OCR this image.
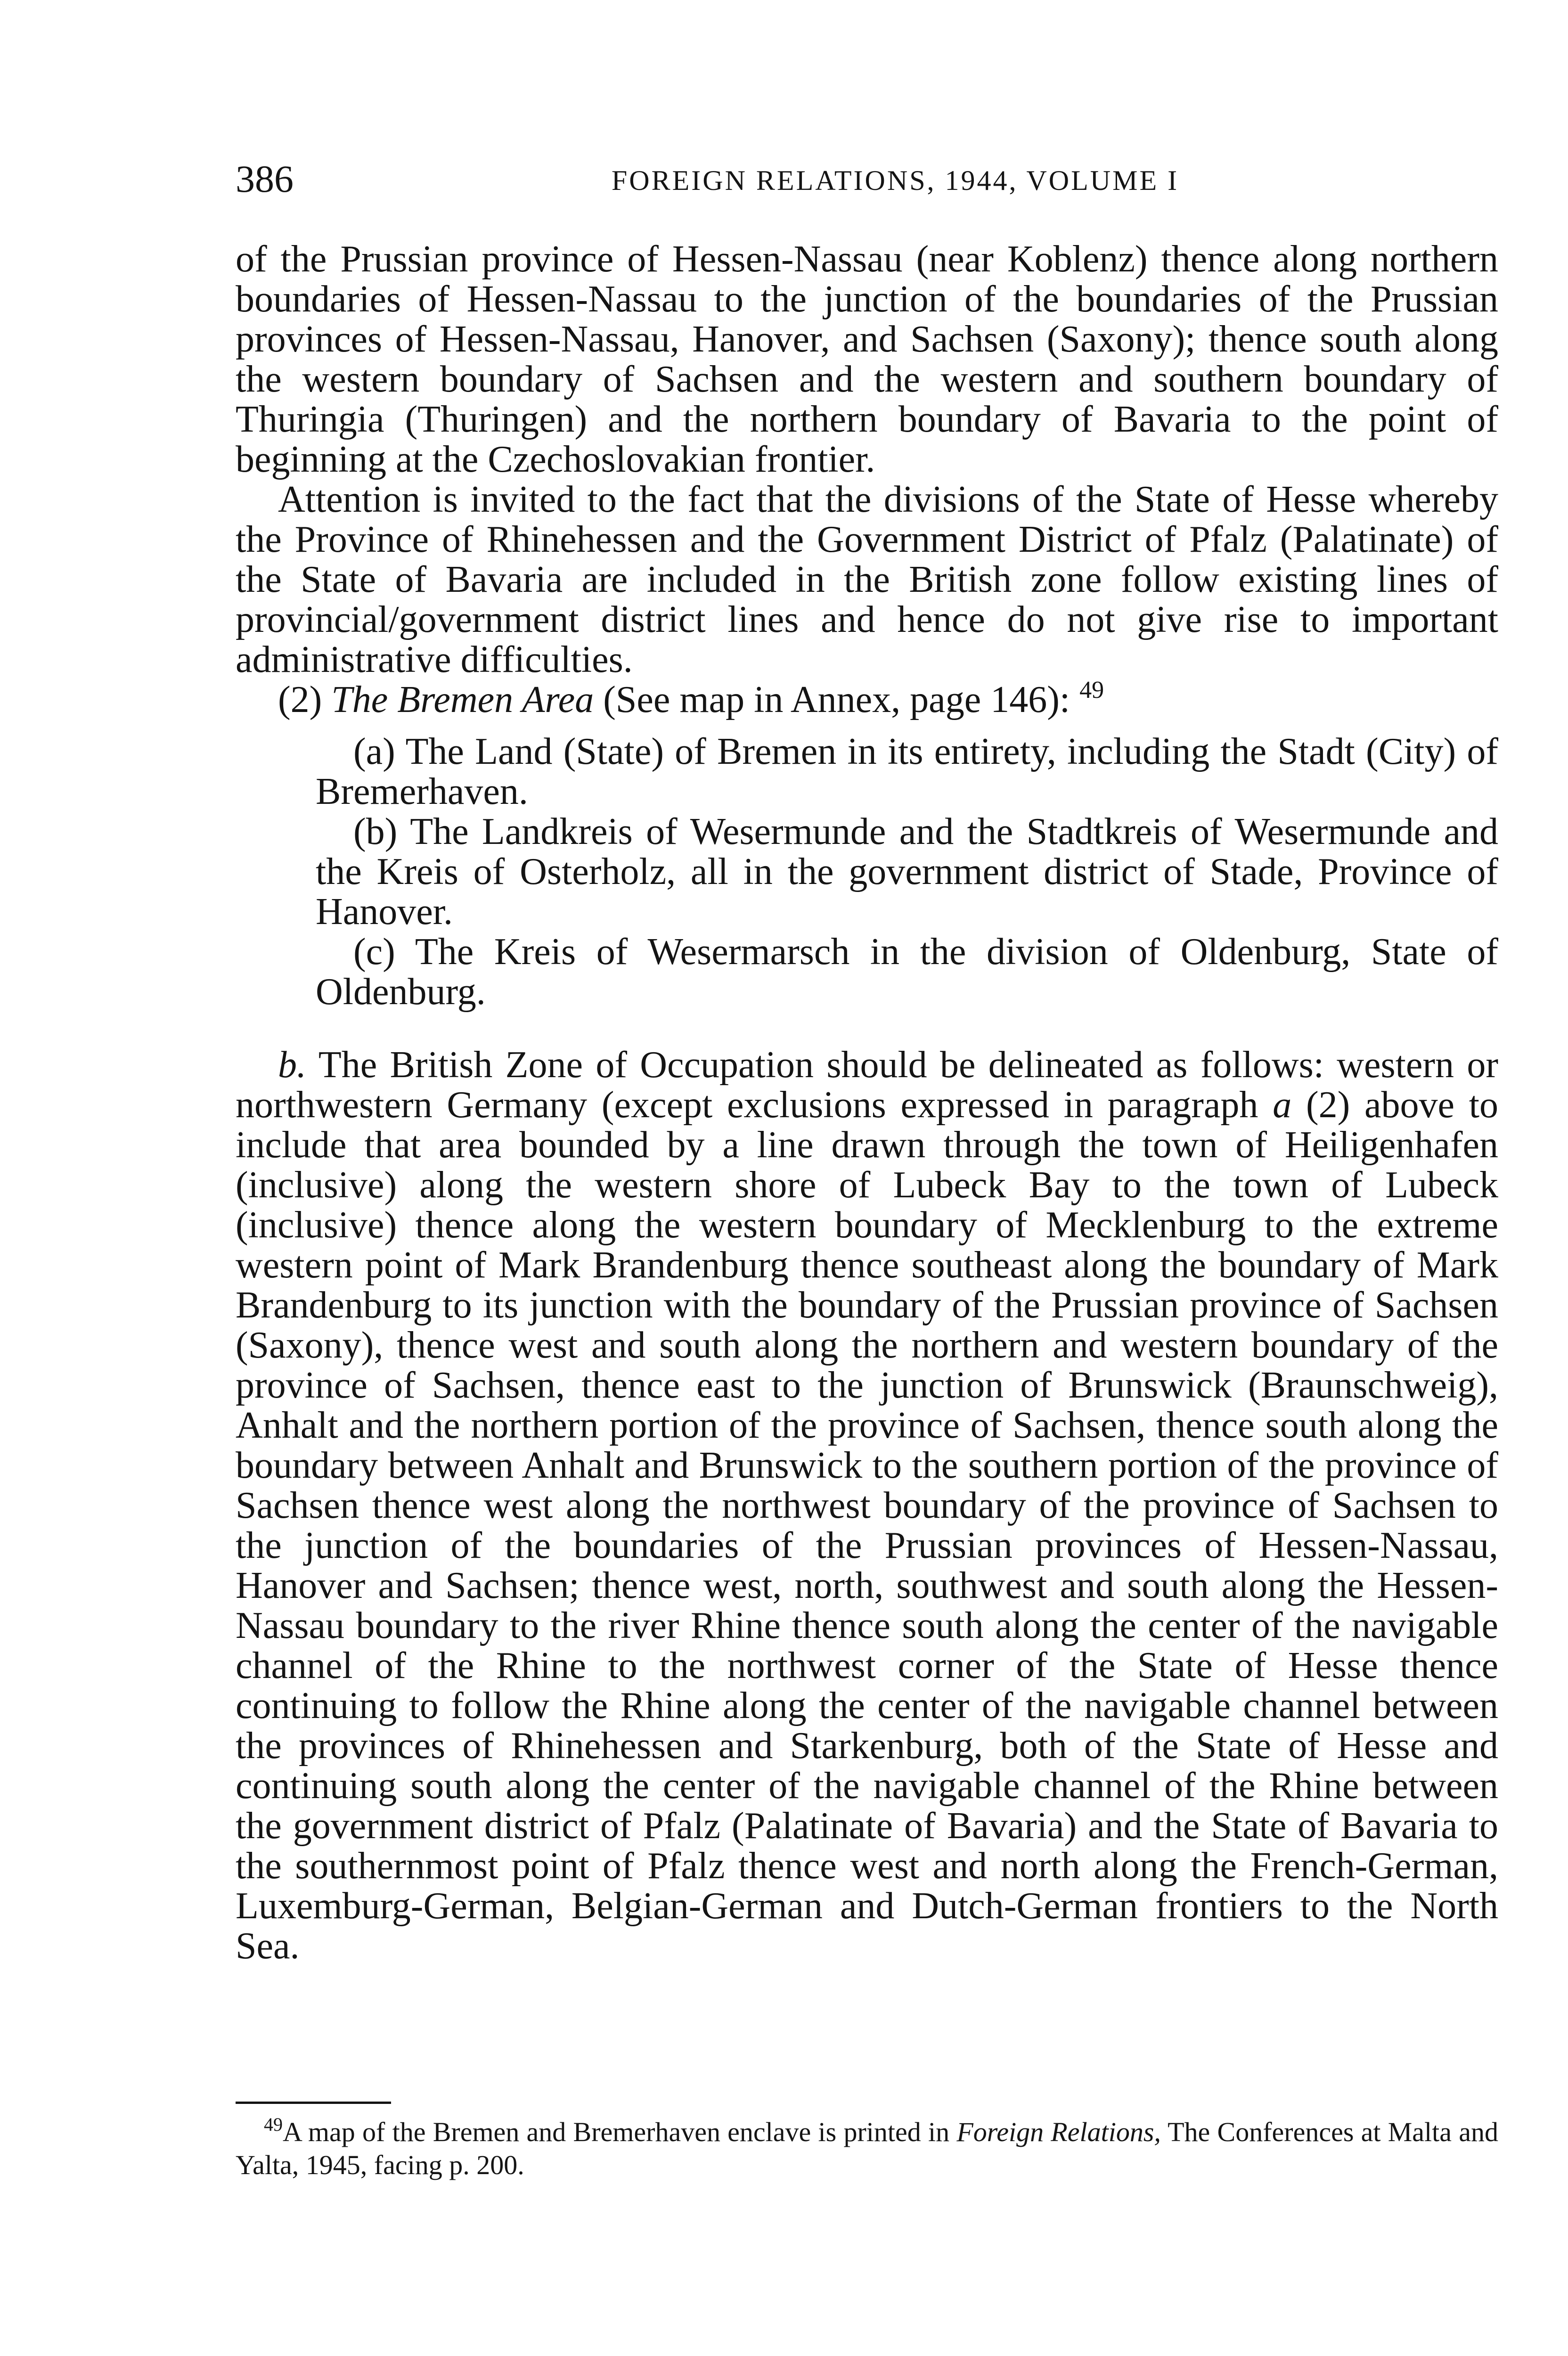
386	FOREIGN RELATIONS, 1944, VOLUME I

of the Prussian province of Hessen-Nassau (near Koblenz) thence along northern boundaries of Hessen-Nassau to the junction of the boundaries of the Prussian provinces of Hessen-Nassau, Hanover, and Sachsen (Saxony); thence south along the western boundary of Sachsen and the western and southern boundary of Thuringia (Thuringen) and the northern boundary of Bavaria to the point of beginning at the Czechoslovakian frontier.

Attention is invited to the fact that the divisions of the State of Hesse whereby the Province of Rhinehessen and the Government District of Pfalz (Palatinate) of the State of Bavaria are included in the British zone follow existing lines of provincial/government district lines and hence do not give rise to important administrative difficulties.

(2) The Bremen Area (See map in Annex, page 146): $^{49}$

(a) The Land (State) of Bremen in its entirety, including the Stadt (City) of Bremerhaven.

(b) The Landkreis of Wesermunde and the Stadtkreis of Wesermunde and the Kreis of Osterholz, all in the government district of Stade, Province of Hanover.

(c) The Kreis of Wesermarsch in the division of Oldenburg, State of Oldenburg.

b. The British Zone of Occupation should be delineated as follows: western or northwestern Germany (except exclusions expressed in paragraph a (2) above to include that area bounded by a line drawn through the town of Heiligenhafen (inclusive) along the western shore of Lubeck Bay to the town of Lubeck (inclusive) thence along the western boundary of Mecklenburg to the extreme western point of Mark Brandenburg thence southeast along the boundary of Mark Brandenburg to its junction with the boundary of the Prussian province of Sachsen (Saxony), thence west and south along the northern and western boundary of the province of Sachsen, thence east to the junction of Brunswick (Braunschweig), Anhalt and the northern portion of the province of Sachsen, thence south along the boundary between Anhalt and Brunswick to the southern portion of the province of Sachsen thence west along the northwest boundary of the province of Sachsen to the junction of the boundaries of the Prussian provinces of Hessen-Nassau, Hanover and Sachsen; thence west, north, southwest and south along the Hessen-Nassau boundary to the river Rhine thence south along the center of the navigable channel of the Rhine to the northwest corner of the State of Hesse thence continuing to follow the Rhine along the center of the navigable channel between the provinces of Rhinehessen and Starkenburg, both of the State of Hesse and continuing south along the center of the navigable channel of the Rhine between the government district of Pfalz (Palatinate of Bavaria) and the State of Bavaria to the southernmost point of Pfalz thence west and north along the French-German, Luxemburg-German, Belgian-German and Dutch-German frontiers to the North Sea.

$^{49}$A map of the Bremen and Bremerhaven enclave is printed in Foreign Relations, The Conferences at Malta and Yalta, 1945, facing p. 200.
